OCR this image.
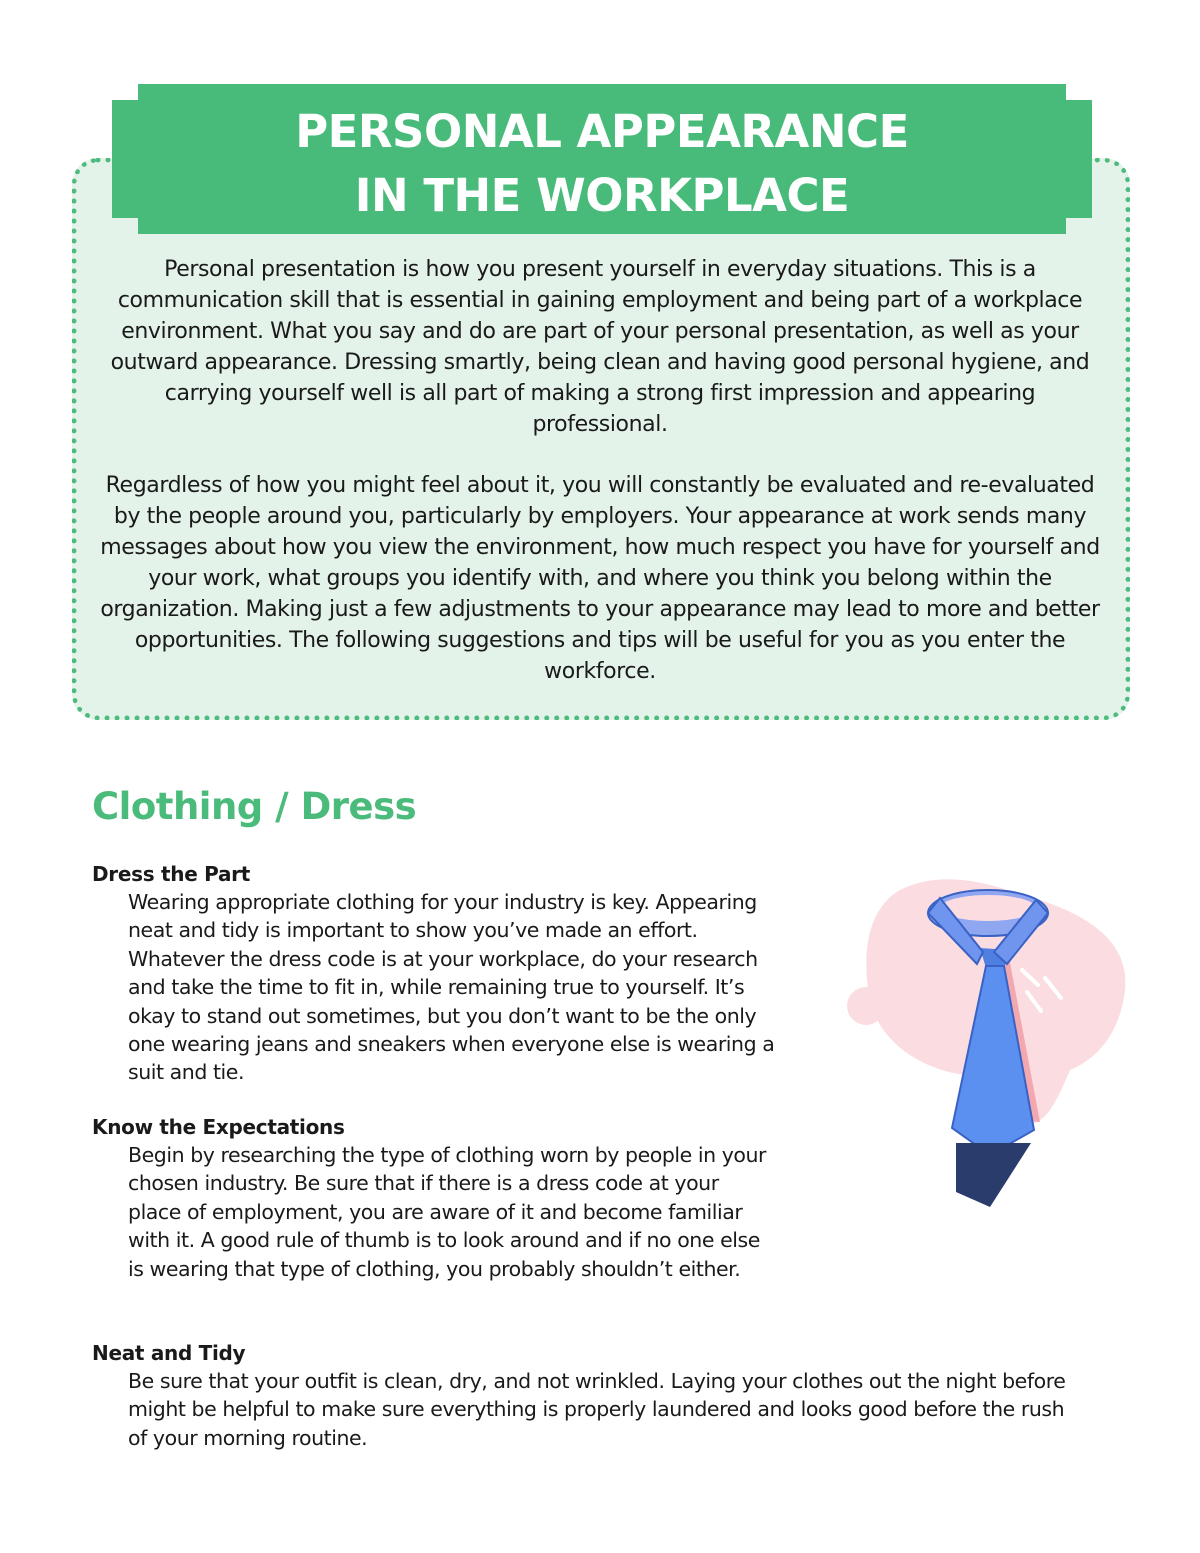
PERSONAL APPEARANCE
IN THE WORKPLACE

Personal presentation is how you present yourself in everyday situations. This is a communication skill that is essential in gaining employment and being part of a workplace environment. What you say and do are part of your personal presentation, as well as your outward appearance. Dressing smartly, being clean and having good personal hygiene, and carrying yourself well is all part of making a strong first impression and appearing professional.

Regardless of how you might feel about it, you will constantly be evaluated and re-evaluated by the people around you, particularly by employers. Your appearance at work sends many messages about how you view the environment, how much respect you have for yourself and your work, what groups you identify with, and where you think you belong within the organization. Making just a few adjustments to your appearance may lead to more and better opportunities. The following suggestions and tips will be useful for you as you enter the workforce.

Clothing / Dress
Dress the Part

Wearing appropriate clothing for your industry is key. Appearing neat and tidy is important to show you’ve made an effort. Whatever the dress code is at your workplace, do your research and take the time to fit in, while remaining true to yourself. It’s okay to stand out sometimes, but you don’t want to be the only one wearing jeans and sneakers when everyone else is wearing a suit and tie.

Know the Expectations

Begin by researching the type of clothing worn by people in your chosen industry. Be sure that if there is a dress code at your place of employment, you are aware of it and become familiar with it. A good rule of thumb is to look around and if no one else is wearing that type of clothing, you probably shouldn’t either.

Neat and Tidy

Be sure that your outfit is clean, dry, and not wrinkled. Laying your clothes out the night before might be helpful to make sure everything is properly laundered and looks good before the rush of your morning routine.
